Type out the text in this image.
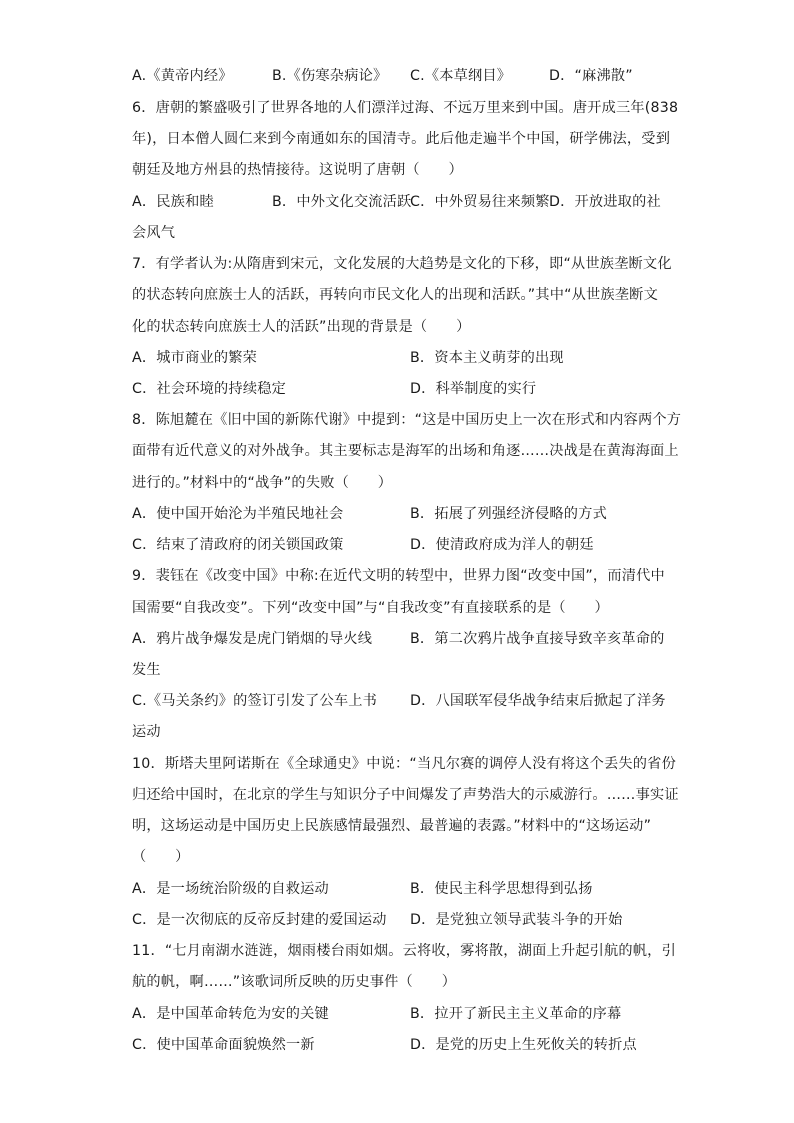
A.《黄帝内经》	B.《伤寒杂病论》 C.《本草纲目》	D．“麻沸散”
6．唐朝的繁盛吸引了世界各地的人们漂洋过海、不远万里来到中国。唐开成三年(838
年)，日本僧人圆仁来到今南通如东的国清寺。此后他走遍半个中国，研学佛法，受到
朝廷及地方州县的热情接待。这说明了唐朝（　　）
A．民族和睦	B．中外文化交流活跃
C．中外贸易往来频繁 D．开放进取的社
会风气
7．有学者认为:从隋唐到宋元，文化发展的大趋势是文化的下移，即“从世族垄断文化
的状态转向庶族士人的活跃，再转向市民文化人的出现和活跃。”其中“从世族垄断文
化的状态转向庶族士人的活跃”出现的背景是（　　）
A．城市商业的繁荣	B．资本主义萌芽的出现
C．社会环境的持续稳定	D．科举制度的实行
8．陈旭麓在《旧中国的新陈代谢》中提到：“这是中国历史上一次在形式和内容两个方
面带有近代意义的对外战争。其主要标志是海军的出场和角逐……决战是在黄海海面上
进行的。”材料中的“战争”的失败（　　）
A．使中国开始沦为半殖民地社会	B．拓展了列强经济侵略的方式
C．结束了清政府的闭关锁国政策	D．使清政府成为洋人的朝廷
9．裴钰在《改变中国》中称:在近代文明的转型中，世界力图“改变中国”，而清代中
国需要“自我改变”。下列“改变中国”与“自我改变”有直接联系的是（　　）
A．鸦片战争爆发是虎门销烟的导火线	B．第二次鸦片战争直接导致辛亥革命的
发生
C.《马关条约》的签订引发了公车上书 D．八国联军侵华战争结束后掀起了洋务
运动
10．斯塔夫里阿诺斯在《全球通史》中说：“当凡尔赛的调停人没有将这个丢失的省份
归还给中国时，在北京的学生与知识分子中间爆发了声势浩大的示威游行。……事实证
明，这场运动是中国历史上民族感情最强烈、最普遍的表露。”材料中的“这场运动”
（　　）
A．是一场统治阶级的自救运动	B．使民主科学思想得到弘扬
C．是一次彻底的反帝反封建的爱国运动 D．是党独立领导武装斗争的开始
11．“七月南湖水涟涟，烟雨楼台雨如烟。云将收，雾将散，湖面上升起引航的帆，引
航的帆，啊……”该歌词所反映的历史事件（　　）
A．是中国革命转危为安的关键	B．拉开了新民主主义革命的序幕
C．使中国革命面貌焕然一新	D．是党的历史上生死攸关的转折点
